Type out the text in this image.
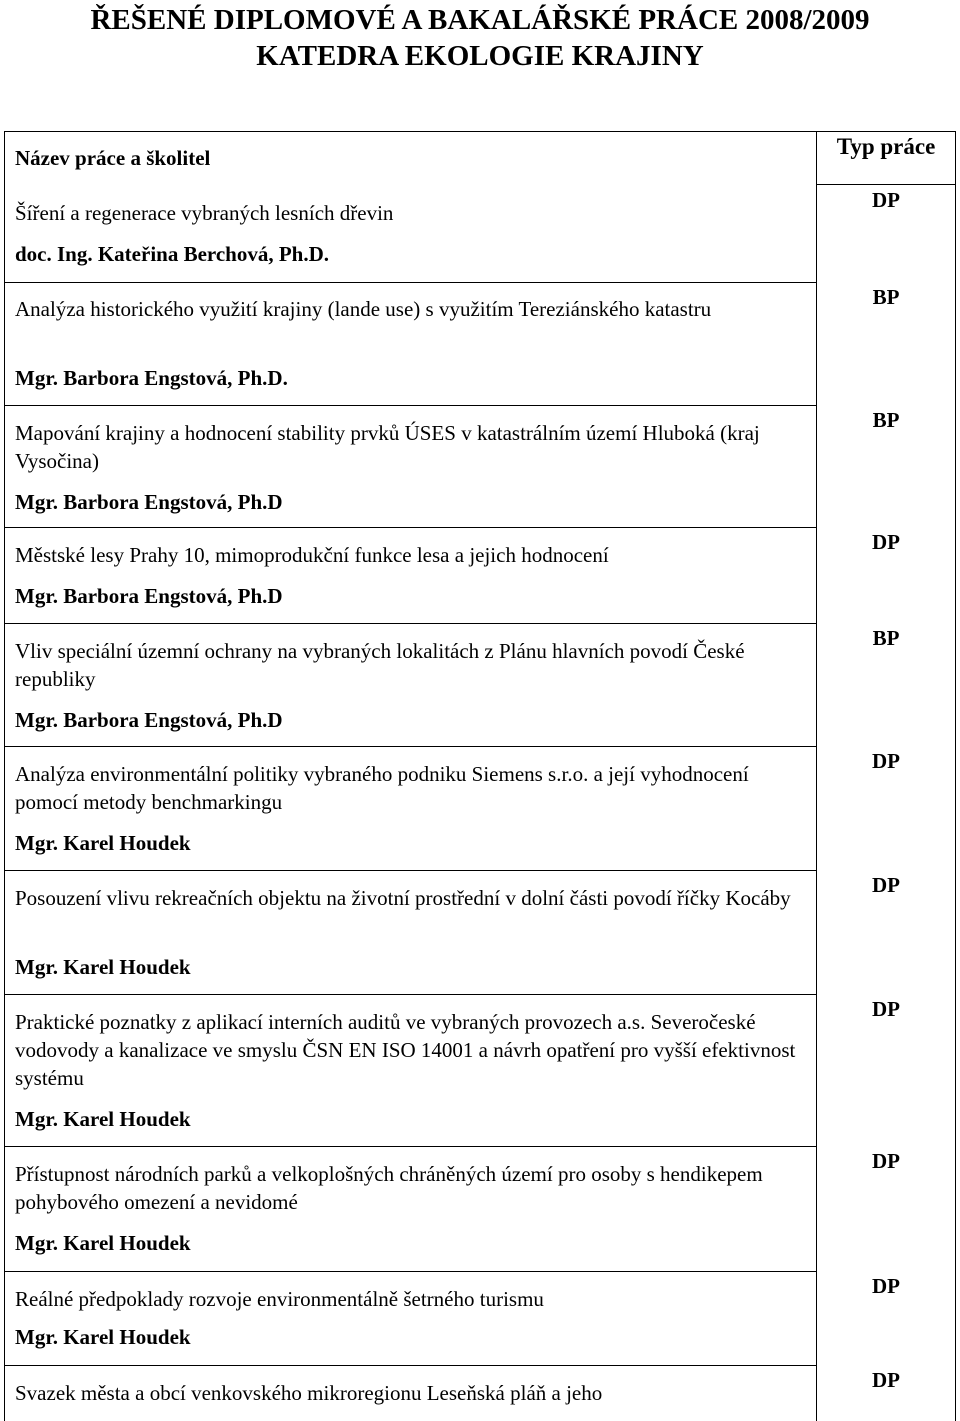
ŘEŠENÉ DIPLOMOVÉ A BAKALÁŘSKÉ PRÁCE 2008/2009
KATEDRA EKOLOGIE KRAJINY
Název práce a školitel	Typ práce
Šíření a regenerace vybraných lesních dřevin
doc. Ing. Kateřina Berchová, Ph.D.
DP
Analýza historického využití krajiny (lande use) s využitím Tereziánského katastru
Mgr. Barbora Engstová, Ph.D.
BP
Mapování krajiny a hodnocení stability prvků ÚSES v katastrálním území Hluboká (kraj Vysočina)
Mgr. Barbora Engstová, Ph.D
BP
Městské lesy Prahy 10, mimoprodukční funkce lesa a jejich hodnocení
Mgr. Barbora Engstová, Ph.D
DP
Vliv speciální územní ochrany na vybraných lokalitách z Plánu hlavních povodí České republiky
Mgr. Barbora Engstová, Ph.D
BP
Analýza environmentální politiky vybraného podniku Siemens s.r.o. a její vyhodnocení pomocí metody benchmarkingu
Mgr. Karel Houdek
DP
Posouzení vlivu rekreačních objektu na životní prostřední v dolní části povodí říčky Kocáby
Mgr. Karel Houdek
DP
Praktické poznatky z aplikací interních auditů ve vybraných provozech a.s. Severočeské vodovody a kanalizace ve smyslu ČSN EN ISO 14001 a návrh opatření pro vyšší efektivnost systému
Mgr. Karel Houdek
DP
Přístupnost národních parků a velkoplošných chráněných území pro osoby s hendikepem pohybového omezení a nevidomé
Mgr. Karel Houdek
DP
Reálné předpoklady rozvoje environmentálně šetrného turismu
Mgr. Karel Houdek
DP
Svazek města a obcí venkovského mikroregionu Leseňská pláň a jeho
DP
